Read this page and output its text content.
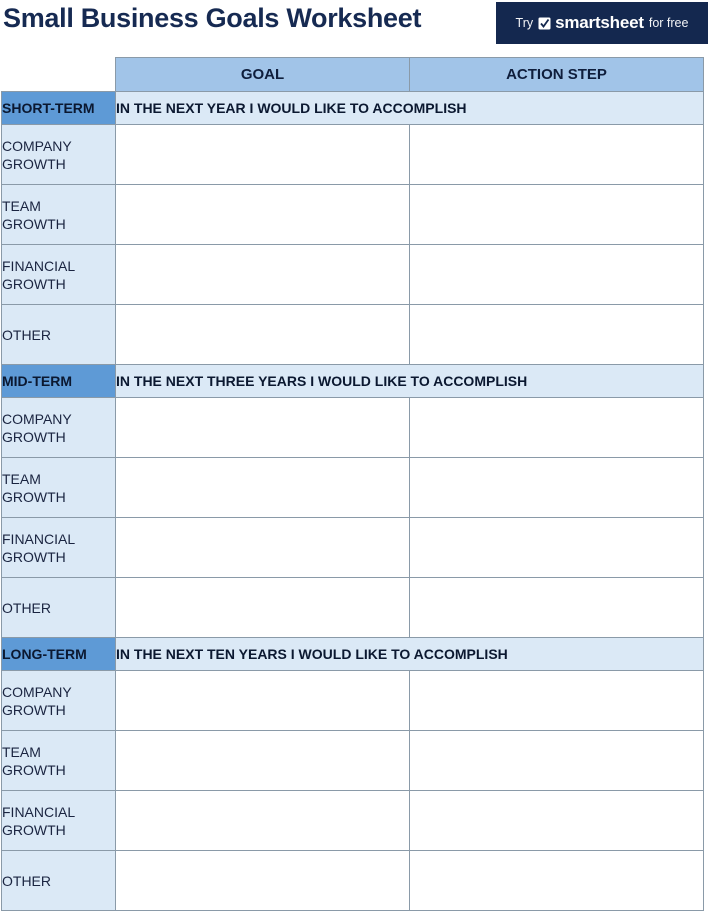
Small Business Goals Worksheet	Try smartsheet for free
	GOAL	ACTION STEP
SHORT-TERM	IN THE NEXT YEAR I WOULD LIKE TO ACCOMPLISH	

COMPANY
GROWTH		

TEAM
GROWTH		

FINANCIAL
GROWTH		

OTHER		

MID-TERM	IN THE NEXT THREE YEARS I WOULD LIKE TO ACCOMPLISH	

COMPANY
GROWTH		

TEAM
GROWTH		

FINANCIAL
GROWTH		

OTHER		

LONG-TERM	IN THE NEXT TEN YEARS I WOULD LIKE TO ACCOMPLISH	

COMPANY
GROWTH		

TEAM
GROWTH		

FINANCIAL
GROWTH		

OTHER		
